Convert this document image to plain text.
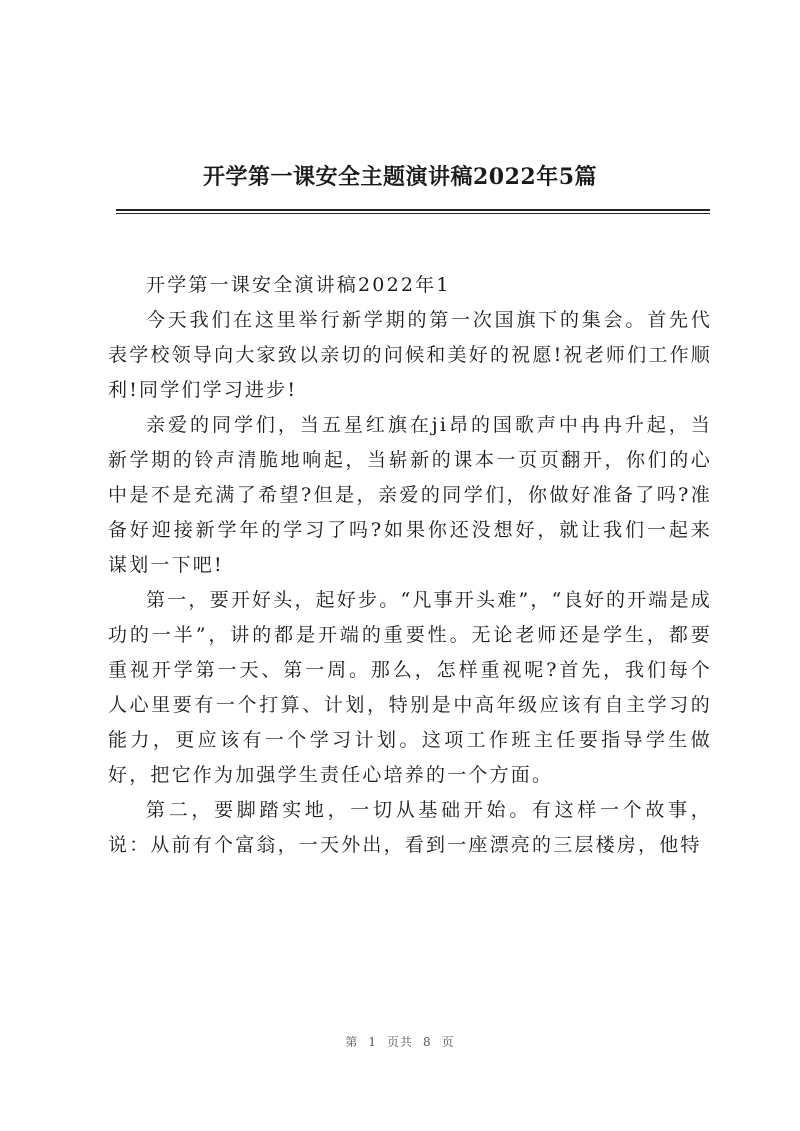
开学第一课安全主题演讲稿2022年5篇

开学第一课安全演讲稿2022年1

今天我们在这里举行新学期的第一次国旗下的集会。首先代表学校领导向大家致以亲切的问候和美好的祝愿!祝老师们工作顺利!同学们学习进步!

亲爱的同学们，当五星红旗在ji昂的国歌声中冉冉升起，当新学期的铃声清脆地响起，当崭新的课本一页页翻开，你们的心中是不是充满了希望?但是，亲爱的同学们，你做好准备了吗?准备好迎接新学年的学习了吗?如果你还没想好，就让我们一起来谋划一下吧!

第一，要开好头，起好步。“凡事开头难”，“良好的开端是成功的一半”，讲的都是开端的重要性。无论老师还是学生，都要重视开学第一天、第一周。那么，怎样重视呢?首先，我们每个人心里要有一个打算、计划，特别是中高年级应该有自主学习的能力，更应该有一个学习计划。这项工作班主任要指导学生做好，把它作为加强学生责任心培养的一个方面。

第二，要脚踏实地，一切从基础开始。有这样一个故事，说：从前有个富翁，一天外出，看到一座漂亮的三层楼房，他特

第 1 页共 8 页
